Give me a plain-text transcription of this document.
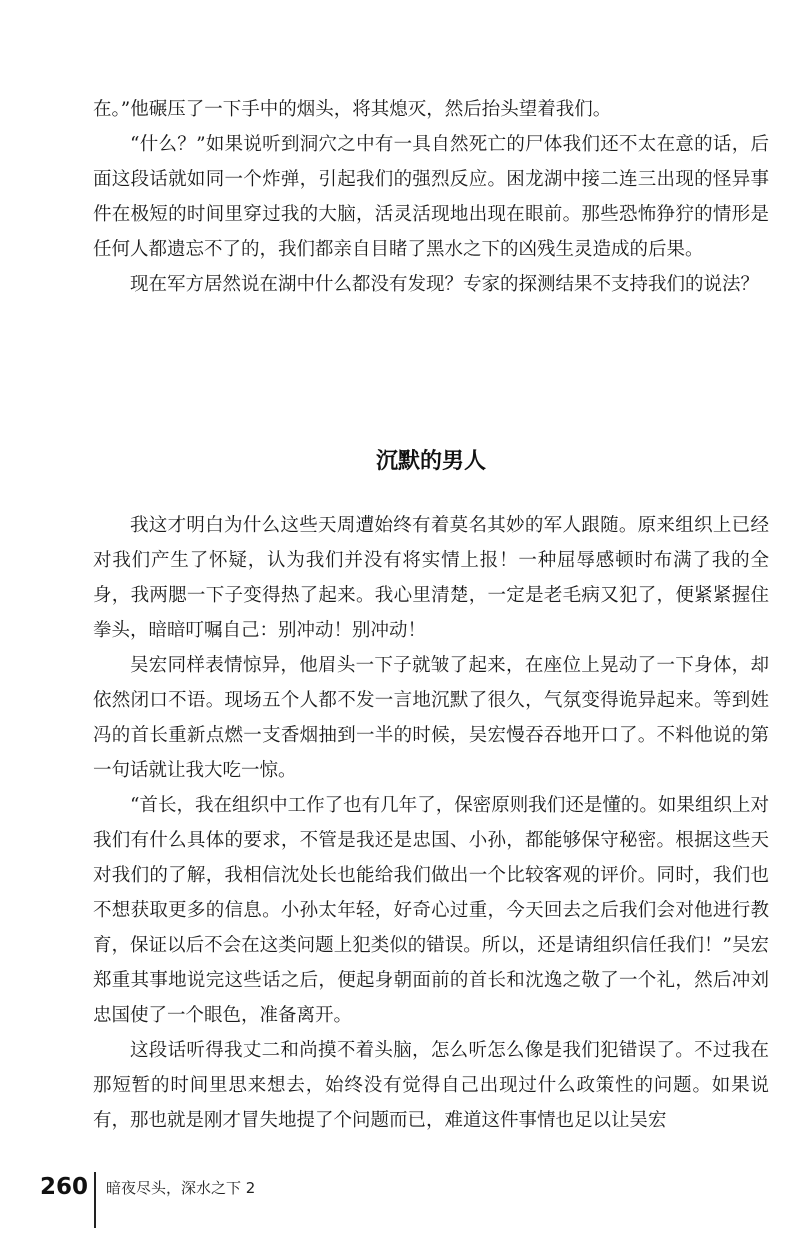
在。”他碾压了一下手中的烟头，将其熄灭，然后抬头望着我们。

“什么？”如果说听到洞穴之中有一具自然死亡的尸体我们还不太在意的话，后面这段话就如同一个炸弹，引起我们的强烈反应。困龙湖中接二连三出现的怪异事件在极短的时间里穿过我的大脑，活灵活现地出现在眼前。那些恐怖狰狞的情形是任何人都遗忘不了的，我们都亲自目睹了黑水之下的凶残生灵造成的后果。

现在军方居然说在湖中什么都没有发现？专家的探测结果不支持我们的说法？

沉默的男人

我这才明白为什么这些天周遭始终有着莫名其妙的军人跟随。原来组织上已经对我们产生了怀疑，认为我们并没有将实情上报！一种屈辱感顿时布满了我的全身，我两腮一下子变得热了起来。我心里清楚，一定是老毛病又犯了，便紧紧握住拳头，暗暗叮嘱自己：别冲动！别冲动！

吴宏同样表情惊异，他眉头一下子就皱了起来，在座位上晃动了一下身体，却依然闭口不语。现场五个人都不发一言地沉默了很久，气氛变得诡异起来。等到姓冯的首长重新点燃一支香烟抽到一半的时候，吴宏慢吞吞地开口了。不料他说的第一句话就让我大吃一惊。

“首长，我在组织中工作了也有几年了，保密原则我们还是懂的。如果组织上对我们有什么具体的要求，不管是我还是忠国、小孙，都能够保守秘密。根据这些天对我们的了解，我相信沈处长也能给我们做出一个比较客观的评价。同时，我们也不想获取更多的信息。小孙太年轻，好奇心过重，今天回去之后我们会对他进行教育，保证以后不会在这类问题上犯类似的错误。所以，还是请组织信任我们！”吴宏郑重其事地说完这些话之后，便起身朝面前的首长和沈逸之敬了一个礼，然后冲刘忠国使了一个眼色，准备离开。

这段话听得我丈二和尚摸不着头脑，怎么听怎么像是我们犯错误了。不过我在那短暂的时间里思来想去，始终没有觉得自己出现过什么政策性的问题。如果说有，那也就是刚才冒失地提了个问题而已，难道这件事情也足以让吴宏

260 暗夜尽头，深水之下 2
